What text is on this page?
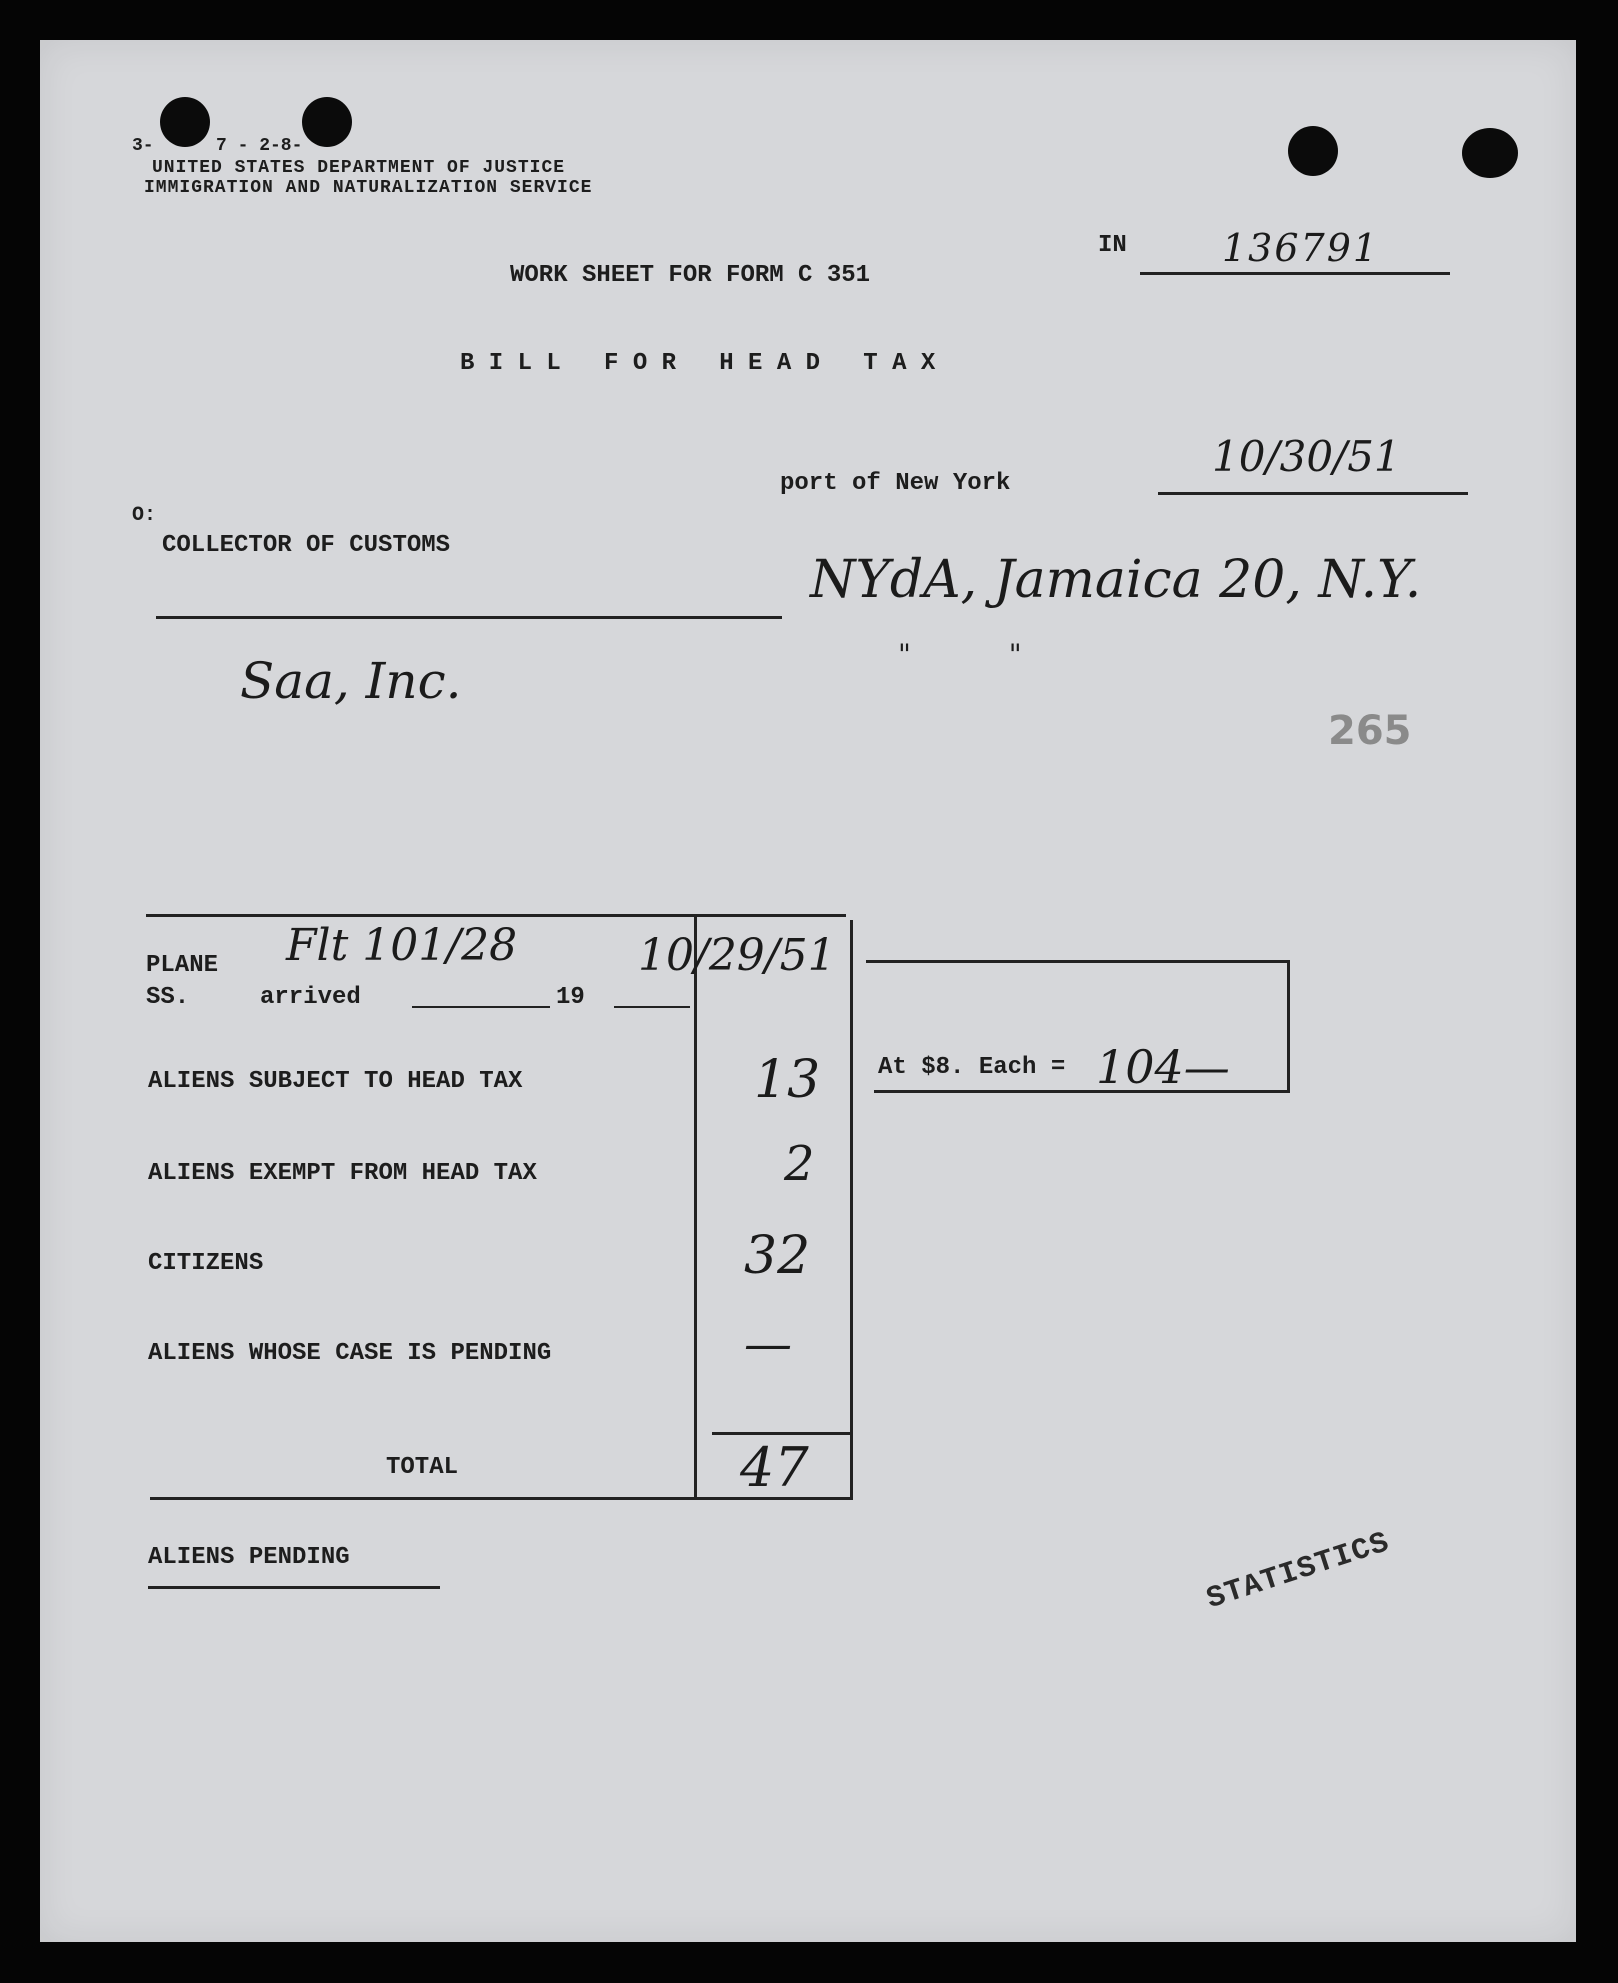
3-	7 - 2-8-
UNITED STATES DEPARTMENT OF JUSTICE
IMMIGRATION AND NATURALIZATION SERVICE
IN	136791
WORK SHEET FOR FORM C 351
B I L L   F O R   H E A D   T A X
port of New York
10/30/51
O:
COLLECTOR OF CUSTOMS
NYdA, Jamaica 20, N.Y.
"           "
Saa, Inc.
265
PLANE
SS.	arrived	19
Flt 101/28	10/29/51
ALIENS SUBJECT TO HEAD TAX	13
ALIENS EXEMPT FROM HEAD TAX	2
CITIZENS	32
ALIENS WHOSE CASE IS PENDING	—
TOTAL	47
At $8. Each = 104—
ALIENS PENDING	STATISTICS
